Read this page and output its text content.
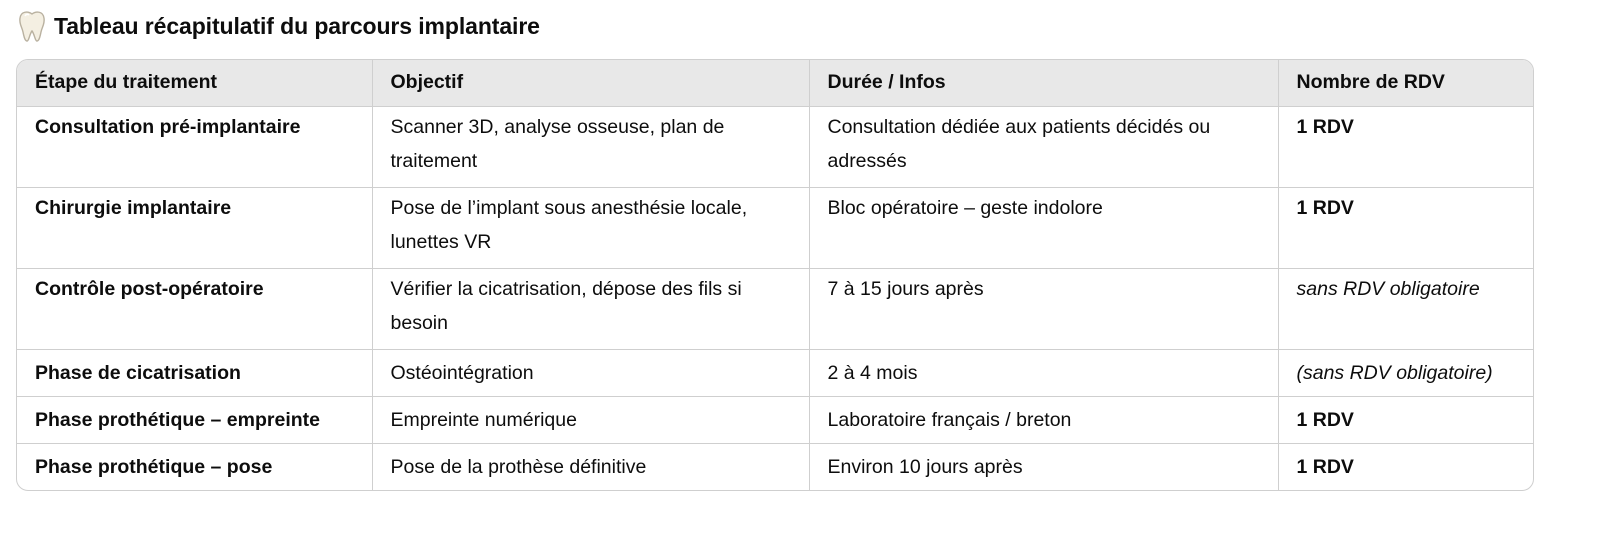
Tableau récapitulatif du parcours implantaire
Étape du traitement	Objectif	Durée / Infos	Nombre de RDV

Consultation pré-implantaire	Scanner 3D, analyse osseuse, plan de traitement	Consultation dédiée aux patients décidés ou adressés	1 RDV

Chirurgie implantaire	Pose de l’implant sous anesthésie locale, lunettes VR	Bloc opératoire – geste indolore	1 RDV

Contrôle post-opératoire	Vérifier la cicatrisation, dépose des fils si besoin	7 à 15 jours après	sans RDV obligatoire

Phase de cicatrisation	Ostéointégration	2 à 4 mois	(sans RDV obligatoire)
Phase prothétique – empreinte	Empreinte numérique	Laboratoire français / breton	1 RDV
Phase prothétique – pose	Pose de la prothèse définitive	Environ 10 jours après	1 RDV
